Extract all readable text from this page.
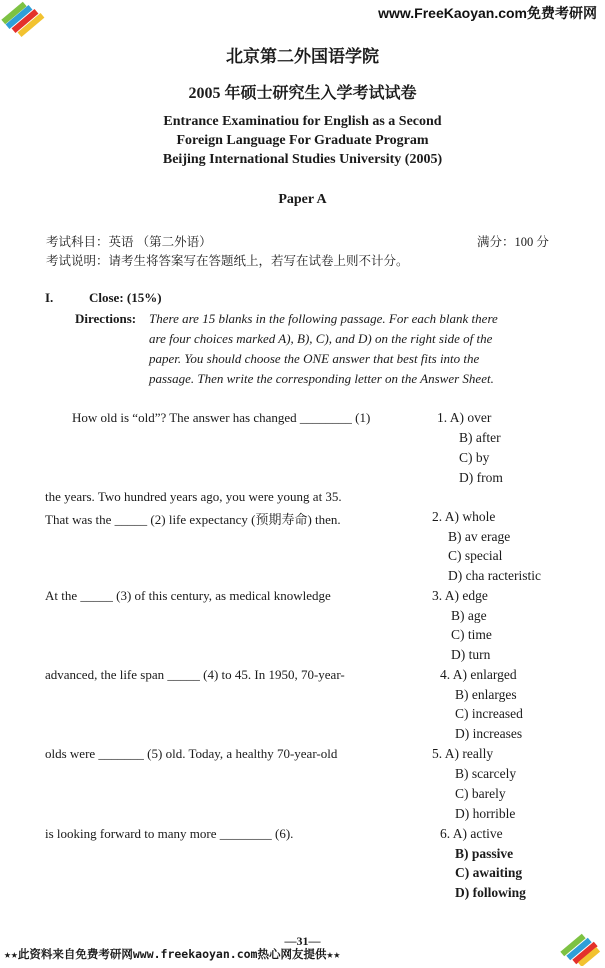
www.FreeKaoyan.com免费考研网
北京第二外国语学院
2005 年硕士研究生入学考试试卷
Entrance Examinatiou for English as a Second
Foreign Language For Graduate Program
Beijing International Studies University (2005)
Paper A
考试科目：英语 （第二外语）	满分：100 分
考试说明：请考生将答案写在答题纸上，若写在试卷上则不计分。
I.	Close: (15%)
Directions: There are 15 blanks in the following passage. For each blank there
are four choices marked A), B), C), and D) on the right side of the
paper. You should choose the ONE answer that best fits into the
passage. Then write the corresponding letter on the Answer Sheet.
How old is “old”? The answer has changed ________ (1)
the years. Two hundred years ago, you were young at 35.
That was the _____ (2) life expectancy (预期寿命) then.
At the _____ (3) of this century, as medical knowledge
advanced, the life span _____ (4) to 45. In 1950, 70-year-
olds were _______ (5) old. Today, a healthy 70-year-old
is looking forward to many more ________ (6).
1. A) over
B) after
C) by
D) from
2. A) whole
B) av erage
C) special
D) cha racteristic
3. A) edge
B) age
C) time
D) turn
4. A) enlarged
B) enlarges
C) increased
D) increases
5. A) really
B) scarcely
C) barely
D) horrible
6. A) active
B) passive
C) awaiting
D) following
—31—
★★此资料来自免费考研网www.freekaoyan.com热心网友提供★★
